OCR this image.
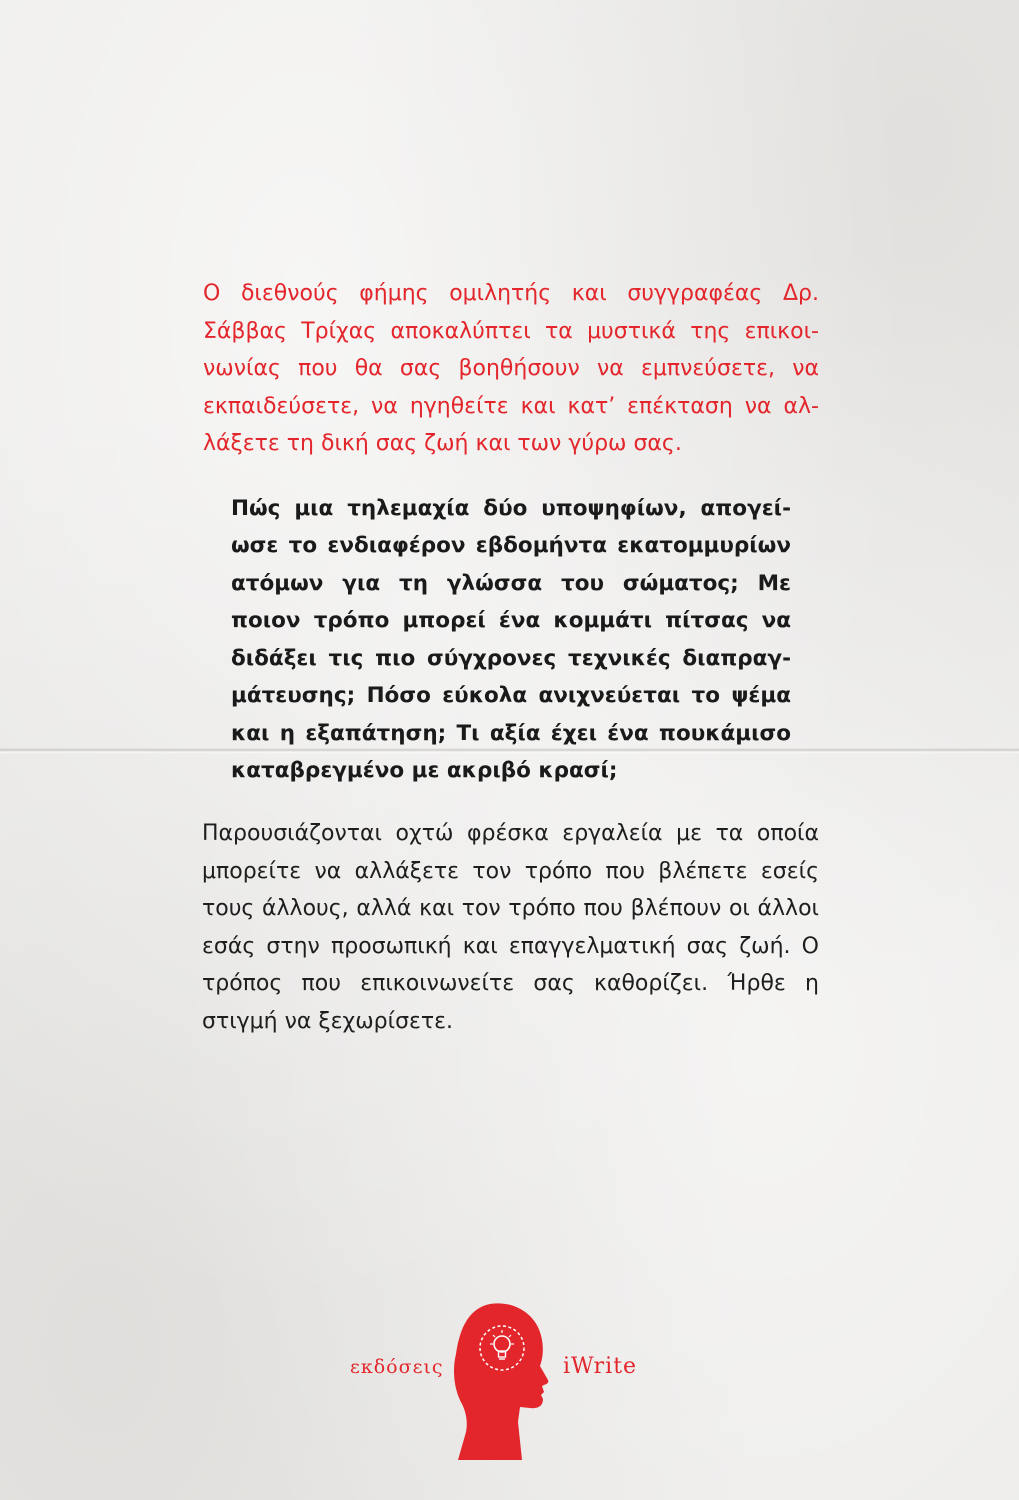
Ο διεθνούς φήμης ομιλητής και συγγραφέας Δρ. Σάββας Τρίχας αποκαλύπτει τα μυστικά της επικοινωνίας που θα σας βοηθήσουν να εμπνεύσετε, να εκπαιδεύσετε, να ηγηθείτε και κατ’ επέκταση να αλλάξετε τη δική σας ζωή και των γύρω σας.

Πώς μια τηλεμαχία δύο υποψηφίων, απογείωσε το ενδιαφέρον εβδομήντα εκατομμυρίων ατόμων για τη γλώσσα του σώματος; Με ποιον τρόπο μπορεί ένα κομμάτι πίτσας να διδάξει τις πιο σύγχρονες τεχνικές διαπραγμάτευσης; Πόσο εύκολα ανιχνεύεται το ψέμα και η εξαπάτηση; Τι αξία έχει ένα πουκάμισο καταβρεγμένο με ακριβό κρασί;

Παρουσιάζονται οχτώ φρέσκα εργαλεία με τα οποία μπορείτε να αλλάξετε τον τρόπο που βλέπετε εσείς τους άλλους, αλλά και τον τρόπο που βλέπουν οι άλλοι εσάς στην προσωπική και επαγγελματική σας ζωή. Ο τρόπος που επικοινωνείτε σας καθορίζει. Ήρθε η στιγμή να ξεχωρίσετε.

εκδόσεις	iWrite
